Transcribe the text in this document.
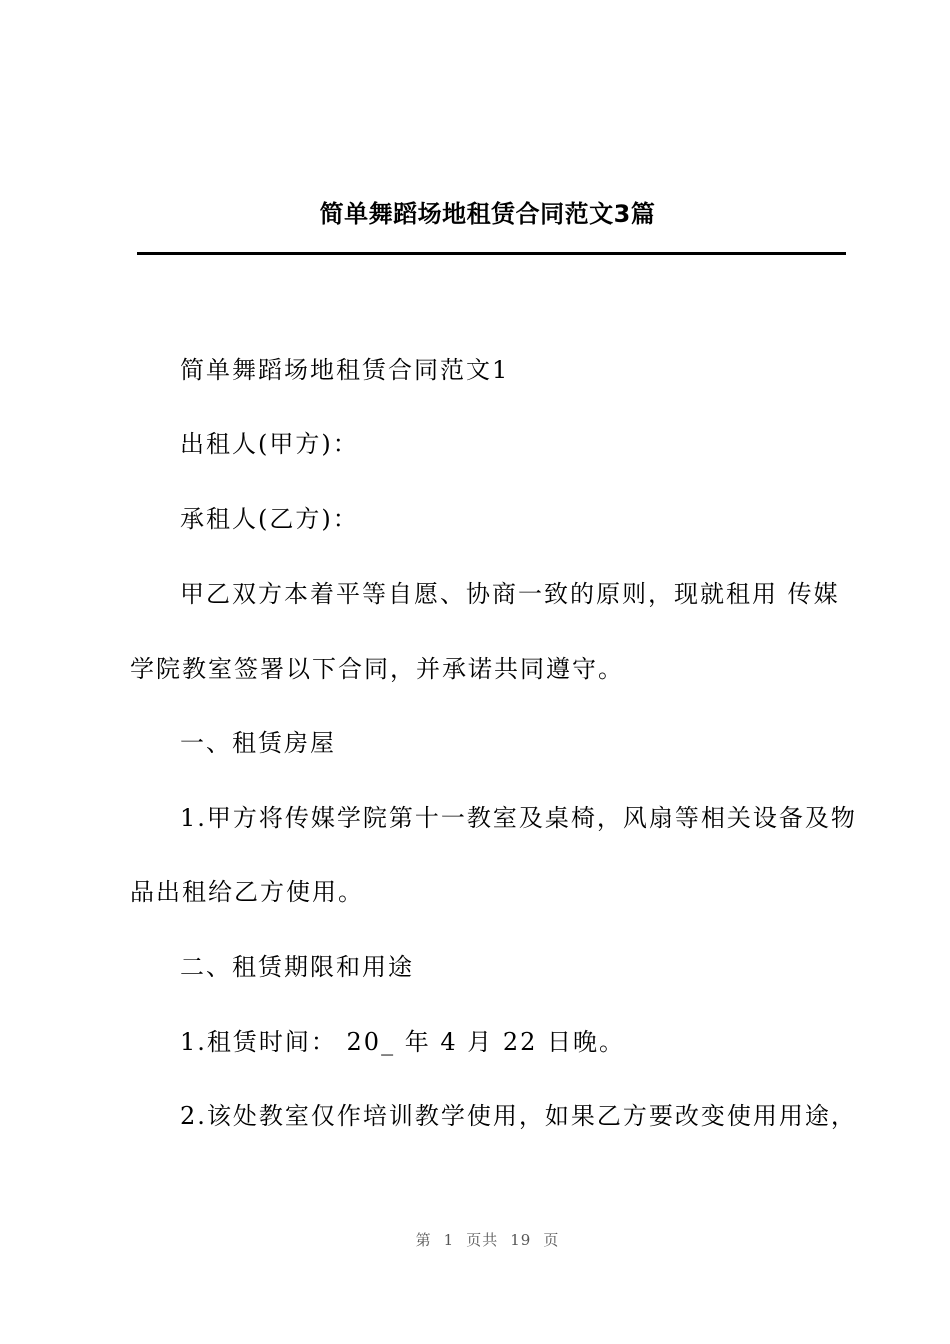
简单舞蹈场地租赁合同范文3篇
简单舞蹈场地租赁合同范文1
出租人(甲方)：
承租人(乙方)：
甲乙双方本着平等自愿、协商一致的原则，现就租用 传媒
学院教室签署以下合同，并承诺共同遵守。
一、租赁房屋
1.甲方将传媒学院第十一教室及桌椅，风扇等相关设备及物
品出租给乙方使用。
二、租赁期限和用途
1.租赁时间： 20_ 年 4 月 22 日晚。
2.该处教室仅作培训教学使用，如果乙方要改变使用用途，
第 1 页共 19 页
